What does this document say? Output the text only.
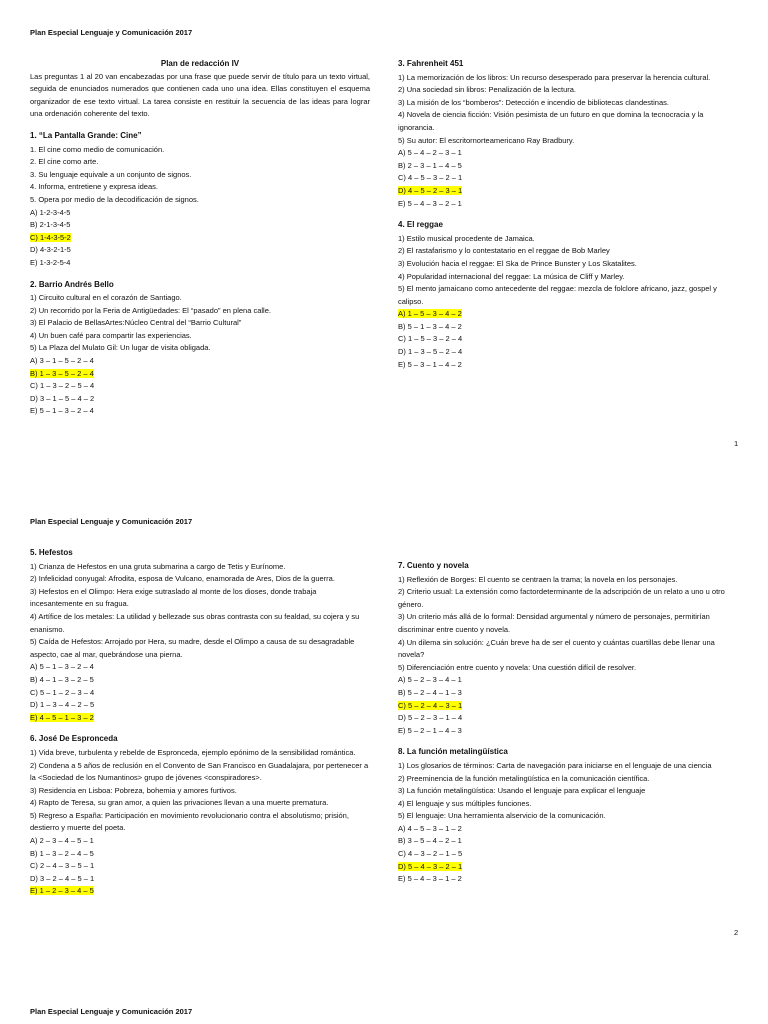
Plan Especial Lenguaje y Comunicación 2017
Plan de redacción IV
Las preguntas 1 al 20 van encabezadas por una frase que puede servir de título para un texto virtual, seguida de enunciados numerados que contienen cada uno una idea. Ellas constituyen el esquema organizador de ese texto virtual. La tarea consiste en restituir la secuencia de las ideas para lograr una ordenación coherente del texto.
1. “La Pantalla Grande: Cine”
1. El cine como medio de comunicación.
2. El cine como arte.
3. Su lenguaje equivale a un conjunto de signos.
4. Informa, entretiene y expresa ideas.
5. Opera por medio de la decodificación de signos.
A) 1-2-3-4-5
B) 2-1-3-4-5
C) 1-4-3-5-2
D) 4-3-2-1-5
E) 1-3-2-5-4
2. Barrio Andrés Bello
1) Circuito cultural en el corazón de Santiago.
2) Un recorrido por la Feria de Antigüedades: El “pasado” en plena calle.
3) El Palacio de BellasArtes:Núcleo Central del “Barrio Cultural”
4) Un buen café para compartir las experiencias.
5) La Plaza del Mulato Gil: Un lugar de visita obligada.
A) 3 – 1 – 5 – 2 – 4
B) 1 – 3 – 5 – 2 – 4
C) 1 – 3 – 2 – 5 – 4
D) 3 – 1 – 5 – 4 – 2
E) 5 – 1 – 3 – 2 – 4
3. Fahrenheit 451
1) La memorización de los libros: Un recurso desesperado para preservar la herencia cultural.
2) Una sociedad sin libros: Penalización de la lectura.
3) La misión de los “bomberos”: Detección e incendio de bibliotecas clandestinas.
4) Novela de ciencia ficción: Visión pesimista de un futuro en que domina la tecnocracia y la ignorancia.
5) Su autor: El escritornorteamericano Ray Bradbury.
A) 5 – 4 – 2 – 3 – 1
B) 2 – 3 – 1 – 4 – 5
C) 4 – 5 – 3 – 2 – 1
D) 4 – 5 – 2 – 3 – 1
E) 5 – 4 – 3 – 2 – 1
4. El reggae
1) Estilo musical procedente de Jamaica.
2) El rastafarismo y lo contestatario en el reggae de Bob Marley
3) Evolución hacia el reggae: El Ska de Prince Bunster y Los Skatalites.
4) Popularidad internacional del reggae: La música de Cliff y Marley.
5) El mento jamaicano como antecedente del reggae: mezcla de folclore africano, jazz, gospel y calipso.
A) 1 – 5 – 3 – 4 – 2
B) 5 – 1 – 3 – 4 – 2
C) 1 – 5 – 3 – 2 – 4
D) 1 – 3 – 5 – 2 – 4
E) 5 – 3 – 1 – 4 – 2
1
Plan Especial Lenguaje y Comunicación 2017
5. Hefestos
1) Crianza de Hefestos en una gruta submarina a cargo de Tetis y Eurínome.
2) Infelicidad conyugal: Afrodita, esposa de Vulcano, enamorada de Ares, Dios de la guerra.
3) Hefestos en el Olimpo: Hera exige sutraslado al monte de los dioses, donde trabaja incesantemente en su fragua.
4) Artífice de los metales: La utilidad y bellezade sus obras contrasta con su fealdad, su cojera y su enanismo.
5) Caída de Hefestos: Arrojado por Hera, su madre, desde el Olimpo a causa de su desagradable aspecto, cae al mar, quebrándose una pierna.
A) 5 – 1 – 3 – 2 – 4
B) 4 – 1 – 3 – 2 – 5
C) 5 – 1 – 2 – 3 – 4
D) 1 – 3 – 4 – 2 – 5
E) 4 – 5 – 1 – 3 – 2
6. José De Espronceda
1) Vida breve, turbulenta y rebelde de Espronceda, ejemplo epónimo de la sensibilidad romántica.
2) Condena a 5 años de reclusión en el Convento de San Francisco en Guadalajara, por pertenecer a la <Sociedad de los Numantinos> grupo de jóvenes <conspiradores>.
3) Residencia en Lisboa: Pobreza, bohemia y amores furtivos.
4) Rapto de Teresa, su gran amor, a quien las privaciones llevan a una muerte prematura.
5) Regreso a España: Participación en movimiento revolucionario contra el absolutismo; prisión, destierro y muerte del poeta.
A) 2 – 3 – 4 – 5 – 1
B) 1 – 3 – 2 – 4 – 5
C) 2 – 4 – 3 – 5 – 1
D) 3 – 2 – 4 – 5 – 1
E) 1 – 2 – 3 – 4 – 5
7. Cuento y novela
1) Reflexión de Borges: El cuento se centraen la trama; la novela en los personajes.
2) Criterio usual: La extensión como factordeterminante de la adscripción de un relato a uno u otro género.
3) Un criterio más allá de lo formal: Densidad argumental y número de personajes, permitirían discriminar entre cuento y novela.
4) Un dilema sin solución: ¿Cuán breve ha de ser el cuento y cuántas cuartillas debe llenar una novela?
5) Diferenciación entre cuento y novela: Una cuestión difícil de resolver.
A) 5 – 2 – 3 – 4 – 1
B) 5 – 2 – 4 – 1 – 3
C) 5 – 2 – 4 – 3 – 1
D) 5 – 2 – 3 – 1 – 4
E) 5 – 2 – 1 – 4 – 3
8. La función metalingüística
1) Los glosarios de términos: Carta de navegación para iniciarse en el lenguaje de una ciencia
2) Preeminencia de la función metalingüística en la comunicación científica.
3) La función metalingüística: Usando el lenguaje para explicar el lenguaje
4) El lenguaje y sus múltiples funciones.
5) El lenguaje: Una herramienta alservicio de la comunicación.
A) 4 – 5 – 3 – 1 – 2
B) 3 – 5 – 4 – 2 – 1
C) 4 – 3 – 2 – 1 – 5
D) 5 – 4 – 3 – 2 – 1
E) 5 – 4 – 3 – 1 – 2
2
Plan Especial Lenguaje y Comunicación 2017
